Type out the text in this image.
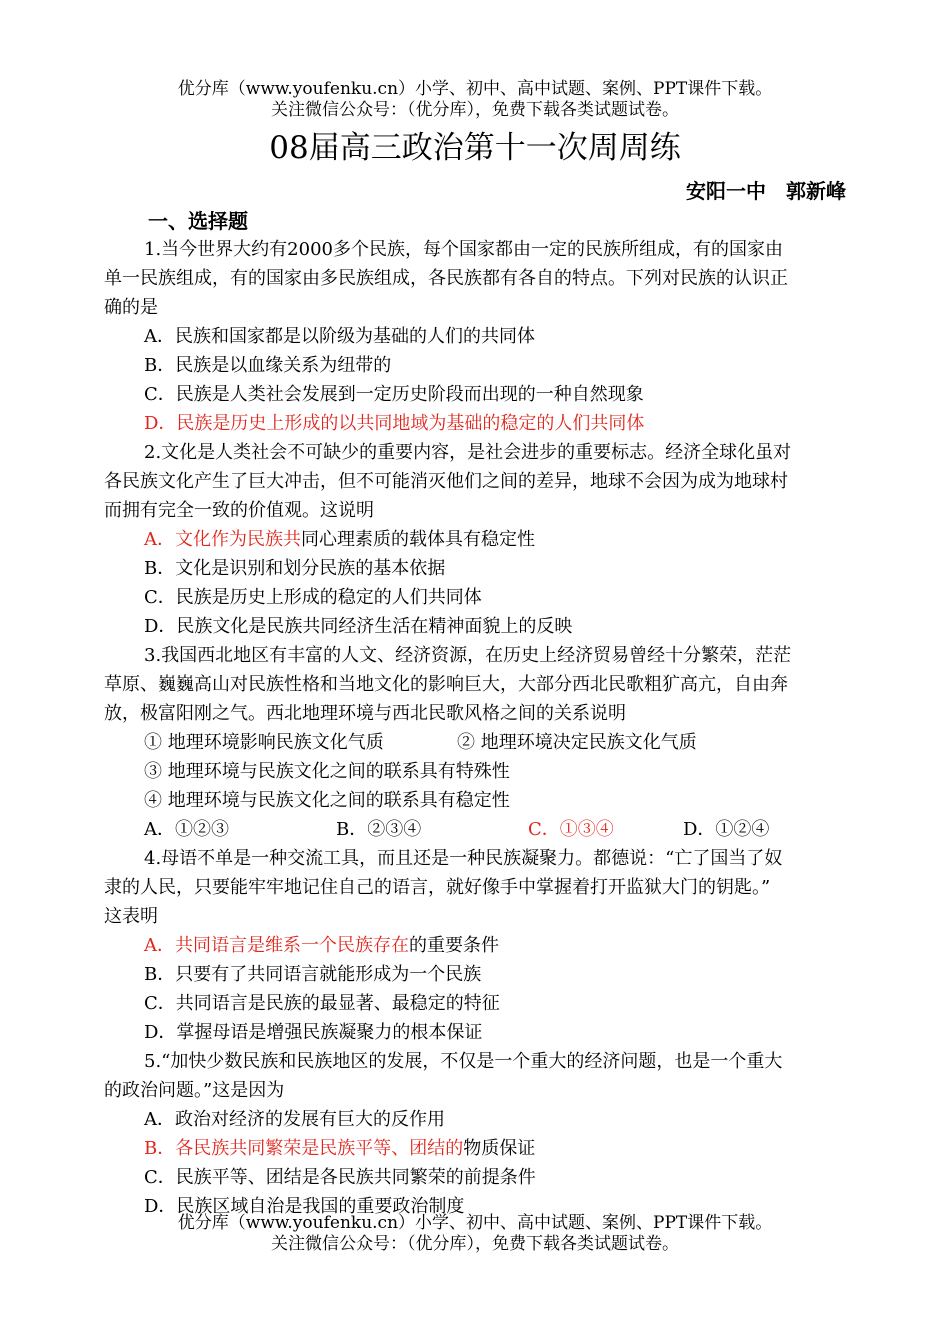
优分库（www.youfenku.cn）小学、初中、高中试题、案例、PPT课件下载。
关注微信公众号：（优分库），免费下载各类试题试卷。
08届高三政治第十一次周周练
安阳一中　郭新峰
一、选择题
1.当今世界大约有2000多个民族，每个国家都由一定的民族所组成，有的国家由
单一民族组成，有的国家由多民族组成，各民族都有各自的特点。下列对民族的认识正
确的是
A．民族和国家都是以阶级为基础的人们的共同体
B．民族是以血缘关系为纽带的
C．民族是人类社会发展到一定历史阶段而出现的一种自然现象
D．民族是历史上形成的以共同地域为基础的稳定的人们共同体
2.文化是人类社会不可缺少的重要内容，是社会进步的重要标志。经济全球化虽对
各民族文化产生了巨大冲击，但不可能消灭他们之间的差异，地球不会因为成为地球村
而拥有完全一致的价值观。这说明
A．文化作为民族共同心理素质的载体具有稳定性
B．文化是识别和划分民族的基本依据
C．民族是历史上形成的稳定的人们共同体
D．民族文化是民族共同经济生活在精神面貌上的反映
3.我国西北地区有丰富的人文、经济资源，在历史上经济贸易曾经十分繁荣，茫茫
草原、巍巍高山对民族性格和当地文化的影响巨大，大部分西北民歌粗犷高亢，自由奔
放，极富阳刚之气。西北地理环境与西北民歌风格之间的关系说明
① 地理环境影响民族文化气质	② 地理环境决定民族文化气质
③ 地理环境与民族文化之间的联系具有特殊性
④ 地理环境与民族文化之间的联系具有稳定性
A．①②③	B．②③④	C．①③④	D．①②④
4.母语不单是一种交流工具，而且还是一种民族凝聚力。都德说：“亡了国当了奴
隶的人民，只要能牢牢地记住自己的语言，就好像手中掌握着打开监狱大门的钥匙。”
这表明
A．共同语言是维系一个民族存在的重要条件
B．只要有了共同语言就能形成为一个民族
C．共同语言是民族的最显著、最稳定的特征
D．掌握母语是增强民族凝聚力的根本保证
5.“加快少数民族和民族地区的发展，不仅是一个重大的经济问题，也是一个重大
的政治问题。”这是因为
A．政治对经济的发展有巨大的反作用
B．各民族共同繁荣是民族平等、团结的物质保证
C．民族平等、团结是各民族共同繁荣的前提条件
D．民族区域自治是我国的重要政治制度
优分库（www.youfenku.cn）小学、初中、高中试题、案例、PPT课件下载。
关注微信公众号：（优分库），免费下载各类试题试卷。
